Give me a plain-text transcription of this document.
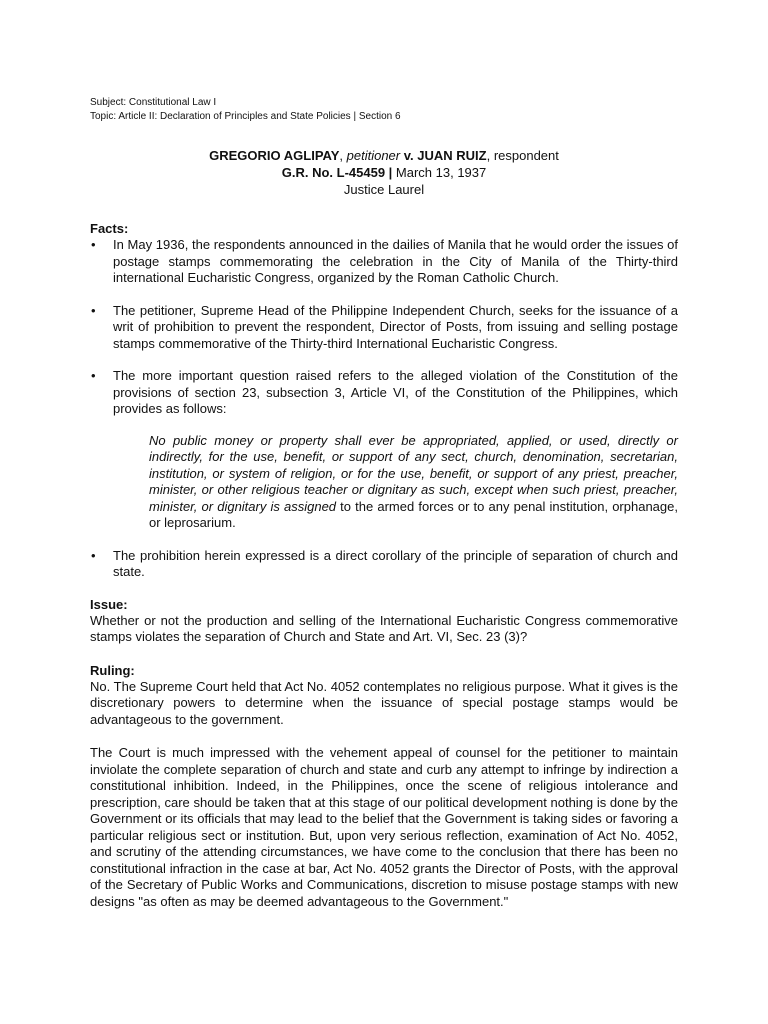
Subject: Constitutional Law I
Topic: Article II: Declaration of Principles and State Policies | Section 6
GREGORIO AGLIPAY, petitioner v. JUAN RUIZ, respondent
G.R. No. L-45459 | March 13, 1937
Justice Laurel
Facts:
• In May 1936, the respondents announced in the dailies of Manila that he would order the issues of postage stamps commemorating the celebration in the City of Manila of the Thirty-third international Eucharistic Congress, organized by the Roman Catholic Church.
• The petitioner, Supreme Head of the Philippine Independent Church, seeks for the issuance of a writ of prohibition to prevent the respondent, Director of Posts, from issuing and selling postage stamps commemorative of the Thirty-third International Eucharistic Congress.
• The more important question raised refers to the alleged violation of the Constitution of the provisions of section 23, subsection 3, Article VI, of the Constitution of the Philippines, which provides as follows:
No public money or property shall ever be appropriated, applied, or used, directly or indirectly, for the use, benefit, or support of any sect, church, denomination, secretarian, institution, or system of religion, or for the use, benefit, or support of any priest, preacher, minister, or other religious teacher or dignitary as such, except when such priest, preacher, minister, or dignitary is assigned to the armed forces or to any penal institution, orphanage, or leprosarium.
• The prohibition herein expressed is a direct corollary of the principle of separation of church and state.
Issue:
Whether or not the production and selling of the International Eucharistic Congress commemorative stamps violates the separation of Church and State and Art. VI, Sec. 23 (3)?
Ruling:
No. The Supreme Court held that Act No. 4052 contemplates no religious purpose. What it gives is the discretionary powers to determine when the issuance of special postage stamps would be advantageous to the government.
The Court is much impressed with the vehement appeal of counsel for the petitioner to maintain inviolate the complete separation of church and state and curb any attempt to infringe by indirection a constitutional inhibition. Indeed, in the Philippines, once the scene of religious intolerance and prescription, care should be taken that at this stage of our political development nothing is done by the Government or its officials that may lead to the belief that the Government is taking sides or favoring a particular religious sect or institution. But, upon very serious reflection, examination of Act No. 4052, and scrutiny of the attending circumstances, we have come to the conclusion that there has been no constitutional infraction in the case at bar, Act No. 4052 grants the Director of Posts, with the approval of the Secretary of Public Works and Communications, discretion to misuse postage stamps with new designs "as often as may be deemed advantageous to the Government."
